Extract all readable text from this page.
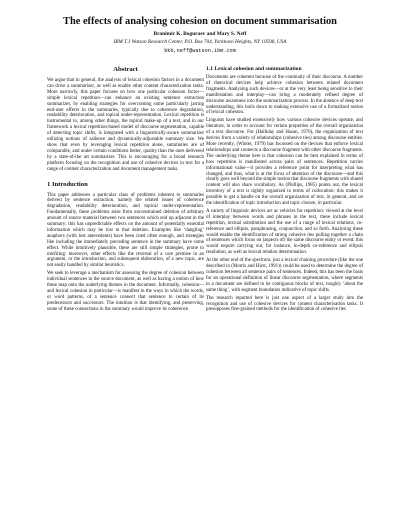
The effects of analysing cohesion on document summarisation
Branimir K. Boguraev and Mary S. Neff
IBM T.J Watson Research Center, P.O. Box 704, Yorktown Heights, NY 10598, USA
bkb,neff@watson.ibm.com
Abstract

We argue that in general, the analysis of lexical cohesion factors in a document can drive a summarizer, as well as enable other content characterization tasks. More narrowly, this paper focuses on how one particular cohesion factor—simple lexical repetition—can enhance an existing sentence extraction summarizer, by enabling strategies for overcoming some particularly jarring end-user effects in the summaries, typically due to coherence degradation, readability deterioration, and topical under-representation. Lexical repetition is instrumental to, among other things, the topical make-up of a text, and in our framework a lexical repetition-based model of discourse segmentation, capable of detecting topic shifts, is integrated with a linguistically-aware summarizer utilizing notions of salience and dynamically-adjustable summary size. We show that even by leveraging lexical repetition alone, summaries are of comparable, and under certain conditions better, quality than the ones delivered by a state-of-the art summarizer. This is encouraging for a broad research platform focusing on the recognition and use of cohesive devices in text for a range of content characterization and document management tasks.

1 Introduction

This paper addresses a particular class of problems inherent to summaries derived by sentence extraction, namely the related issues of coherence degradation, readability deterioration, and topical under-representation. Fundamentally, these problems arise from unconstrained deletion of arbitrary amount of source material between two sentences which end up adjacent in the summary; this has unpredictable effects on the amount of potentially essential information which may be lost in that deletion. Examples like ‘dangling’ anaphors (with lost antecedents) have been cited often enough, and strategies like including the immediately preceding sentence in the summary have some effect. While intuitively plausible, these are still simple strategies, prone to misfiring: moreover, other effects like the reversal of a core premise in an argument, or the introduction, and subsequent elaboration, of a new topic, are not easily handled by similar heuristics.

We seek to leverage a mechanism for assessing the degree of cohesion between individual sentences in the source document, as well as having a notion of how these map onto the underlying themes in the document. Informally, cohesion—and lexical cohesion in particular—is manifest in the ways in which the words, or word patterns, of a sentence connect that sentence to certain of its predecessors and successors. The intuition is that identifying, and preserving, some of these connections in the summary would improve its coherence.

1.1 Lexical cohesion and summarization

Documents are coherent because of the continuity of their discourse. A number of rhetorical devices help achieve cohesion between related document fragments. Analysing such devices—or at the very least being sensitive to their manifestation and interplay—can bring a moderately refined degree of discourse awareness into the summarization process. In the absence of deep text understanding, this boils down to making extensive use of a formalized notion of lexical cohesion.

Linguists have studied extensively how various cohesive devices operate, and literature, in order to account for certain properties of the overall organization of a text discourse. For (Halliday and Hasan, 1976), the organization of text derives from a variety of relationships (cohesive ties) among discourse entities. More recently, (Winter, 1979) has focussed on the devices that enforce lexical relationships and connects a discourse fragment with other discourse fragments. The underlying theme here is that cohesion can be best explained in terms of how repetition is manifested across pairs of sentences. Repetition carries informational value—it provides a reference point for interpreting what has changed, and thus, what is at the focus of attention of the discourse—and this clearly goes well beyond the simple notion that discourse fragments with shared content will also share vocabulary. As (Phillips, 1985) points out, the lexical inventory of a text is tightly organized in terms of collocation: this makes it possible to get a handle on the overall organization of text, in general, and on the identification of topic introduction and topic closure, in particular.

A variety of linguistic devices act as vehicles for repetition: viewed at the level of interplay between words and phrases in the text, these include lexical repetition, textual substitution and the use of a range of lexical relations, co-reference and ellipsis, paraphrasing, conjunction, and so forth. Analysing these would enable the identification of strong cohesive ties pulling together a chain of sentences which focus on (aspects of) the same discourse entity or event; this would require carrying out, for instance, in-depth co-reference and ellipsis resolution, as well as lexical relation determination.

At the other end of the spectrum, just a lexical chaining procedure (like the one described in (Morris and Hirst, 1991)) could be used to determine the degree of cohesion between all sentence pairs of sentences. Indeed, this has been the basis for an operational definition of linear discourse segmentation, where segments in a document are defined to be contiguous blocks of text, roughly ‘about the same thing’, with segment boundaries indicative of topic shifts.

The research reported here is just one aspect of a larger study into the recognition and use of cohesive devices for content characterisation tasks. It presupposes fine-grained methods for the identification of cohesive ties
